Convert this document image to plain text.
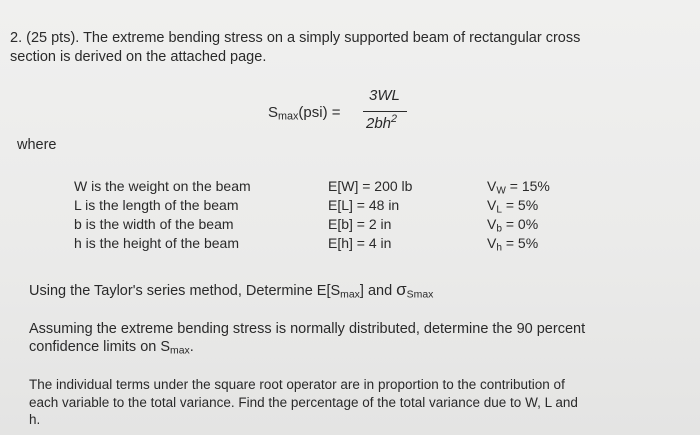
2. (25 pts). The extreme bending stress on a simply supported beam of rectangular cross
section is derived on the attached page.
$S_{max}(psi)$ =
3WL
$2bh^2$
where
W is the weight on the beam
L is the length of the beam
b is the width of the beam
h is the height of the beam
E[W] = 200 lb
E[L] = 48 in
E[b] = 2 in
E[h] = 4 in
$V_W = 15\%$
$V_L = 5\%$
$V_b = 0\%$
$V_h = 5\%$
Using the Taylor's series method, Determine $E[S_{max}]$ and $\sigma_{Smax}$
Assuming the extreme bending stress is normally distributed, determine the 90 percent
confidence limits on $S_{max}$.
The individual terms under the square root operator are in proportion to the contribution of
each variable to the total variance. Find the percentage of the total variance due to W, L and
h.
